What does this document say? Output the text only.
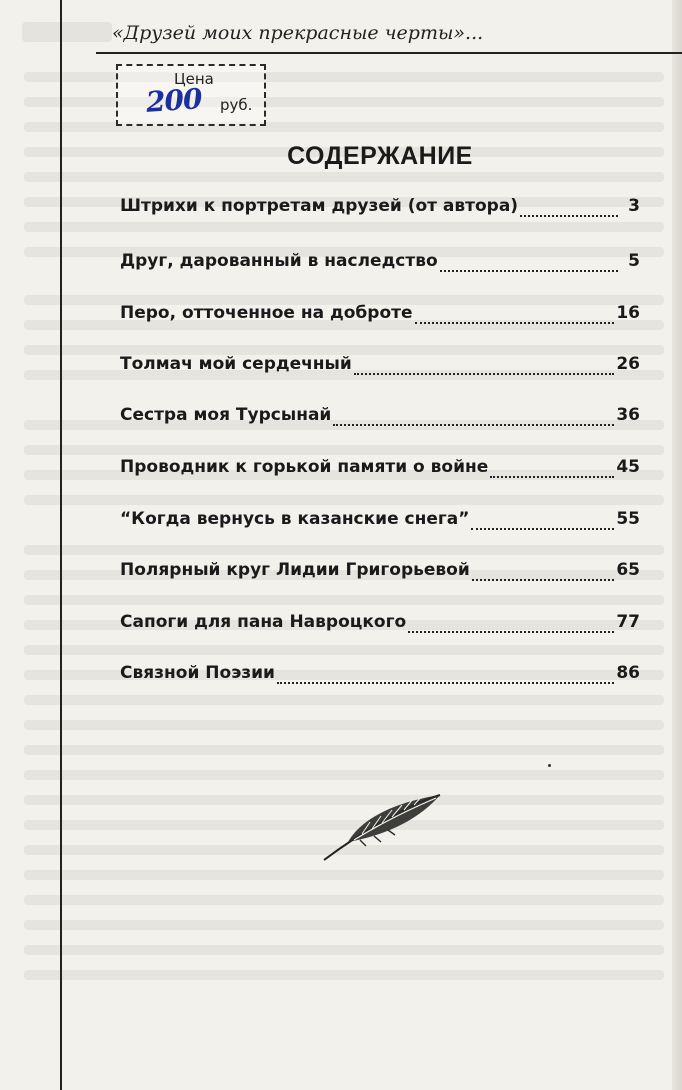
«Друзей моих прекрасные черты»...
Цена
200 руб.
СОДЕРЖАНИЕ
Штрихи к портретам друзей (от автора)	3
Друг, дарованный в наследство	5
Перо, отточенное на доброте	16
Толмач мой сердечный	26
Сестра моя Турсынай	36
Проводник к горькой памяти о войне	45
“Когда вернусь в казанские снега”	55
Полярный круг Лидии Григорьевой	65
Сапоги для пана Навроцкого	77
Связной Поэзии	86
